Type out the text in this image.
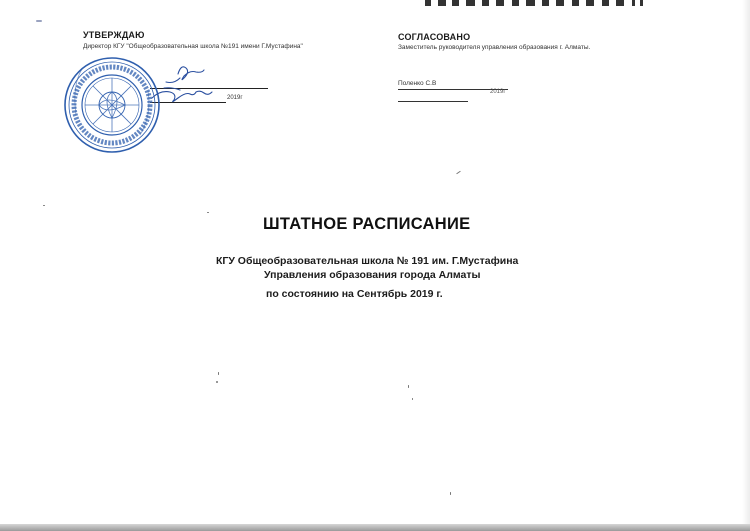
УТВЕРЖДАЮ
Директор КГУ "Общеобразовательная школа №191 имени Г.Мустафина"
2019г
СОГЛАСОВАНО
Заместитель руководителя управления образования г. Алматы.
Поленко С.В
2019г
ШТАТНОЕ РАСПИСАНИЕ
КГУ Общеобразовательная школа № 191 им. Г.Мустафина
Управления образования города Алматы
по состоянию на Сентябрь 2019 г.
